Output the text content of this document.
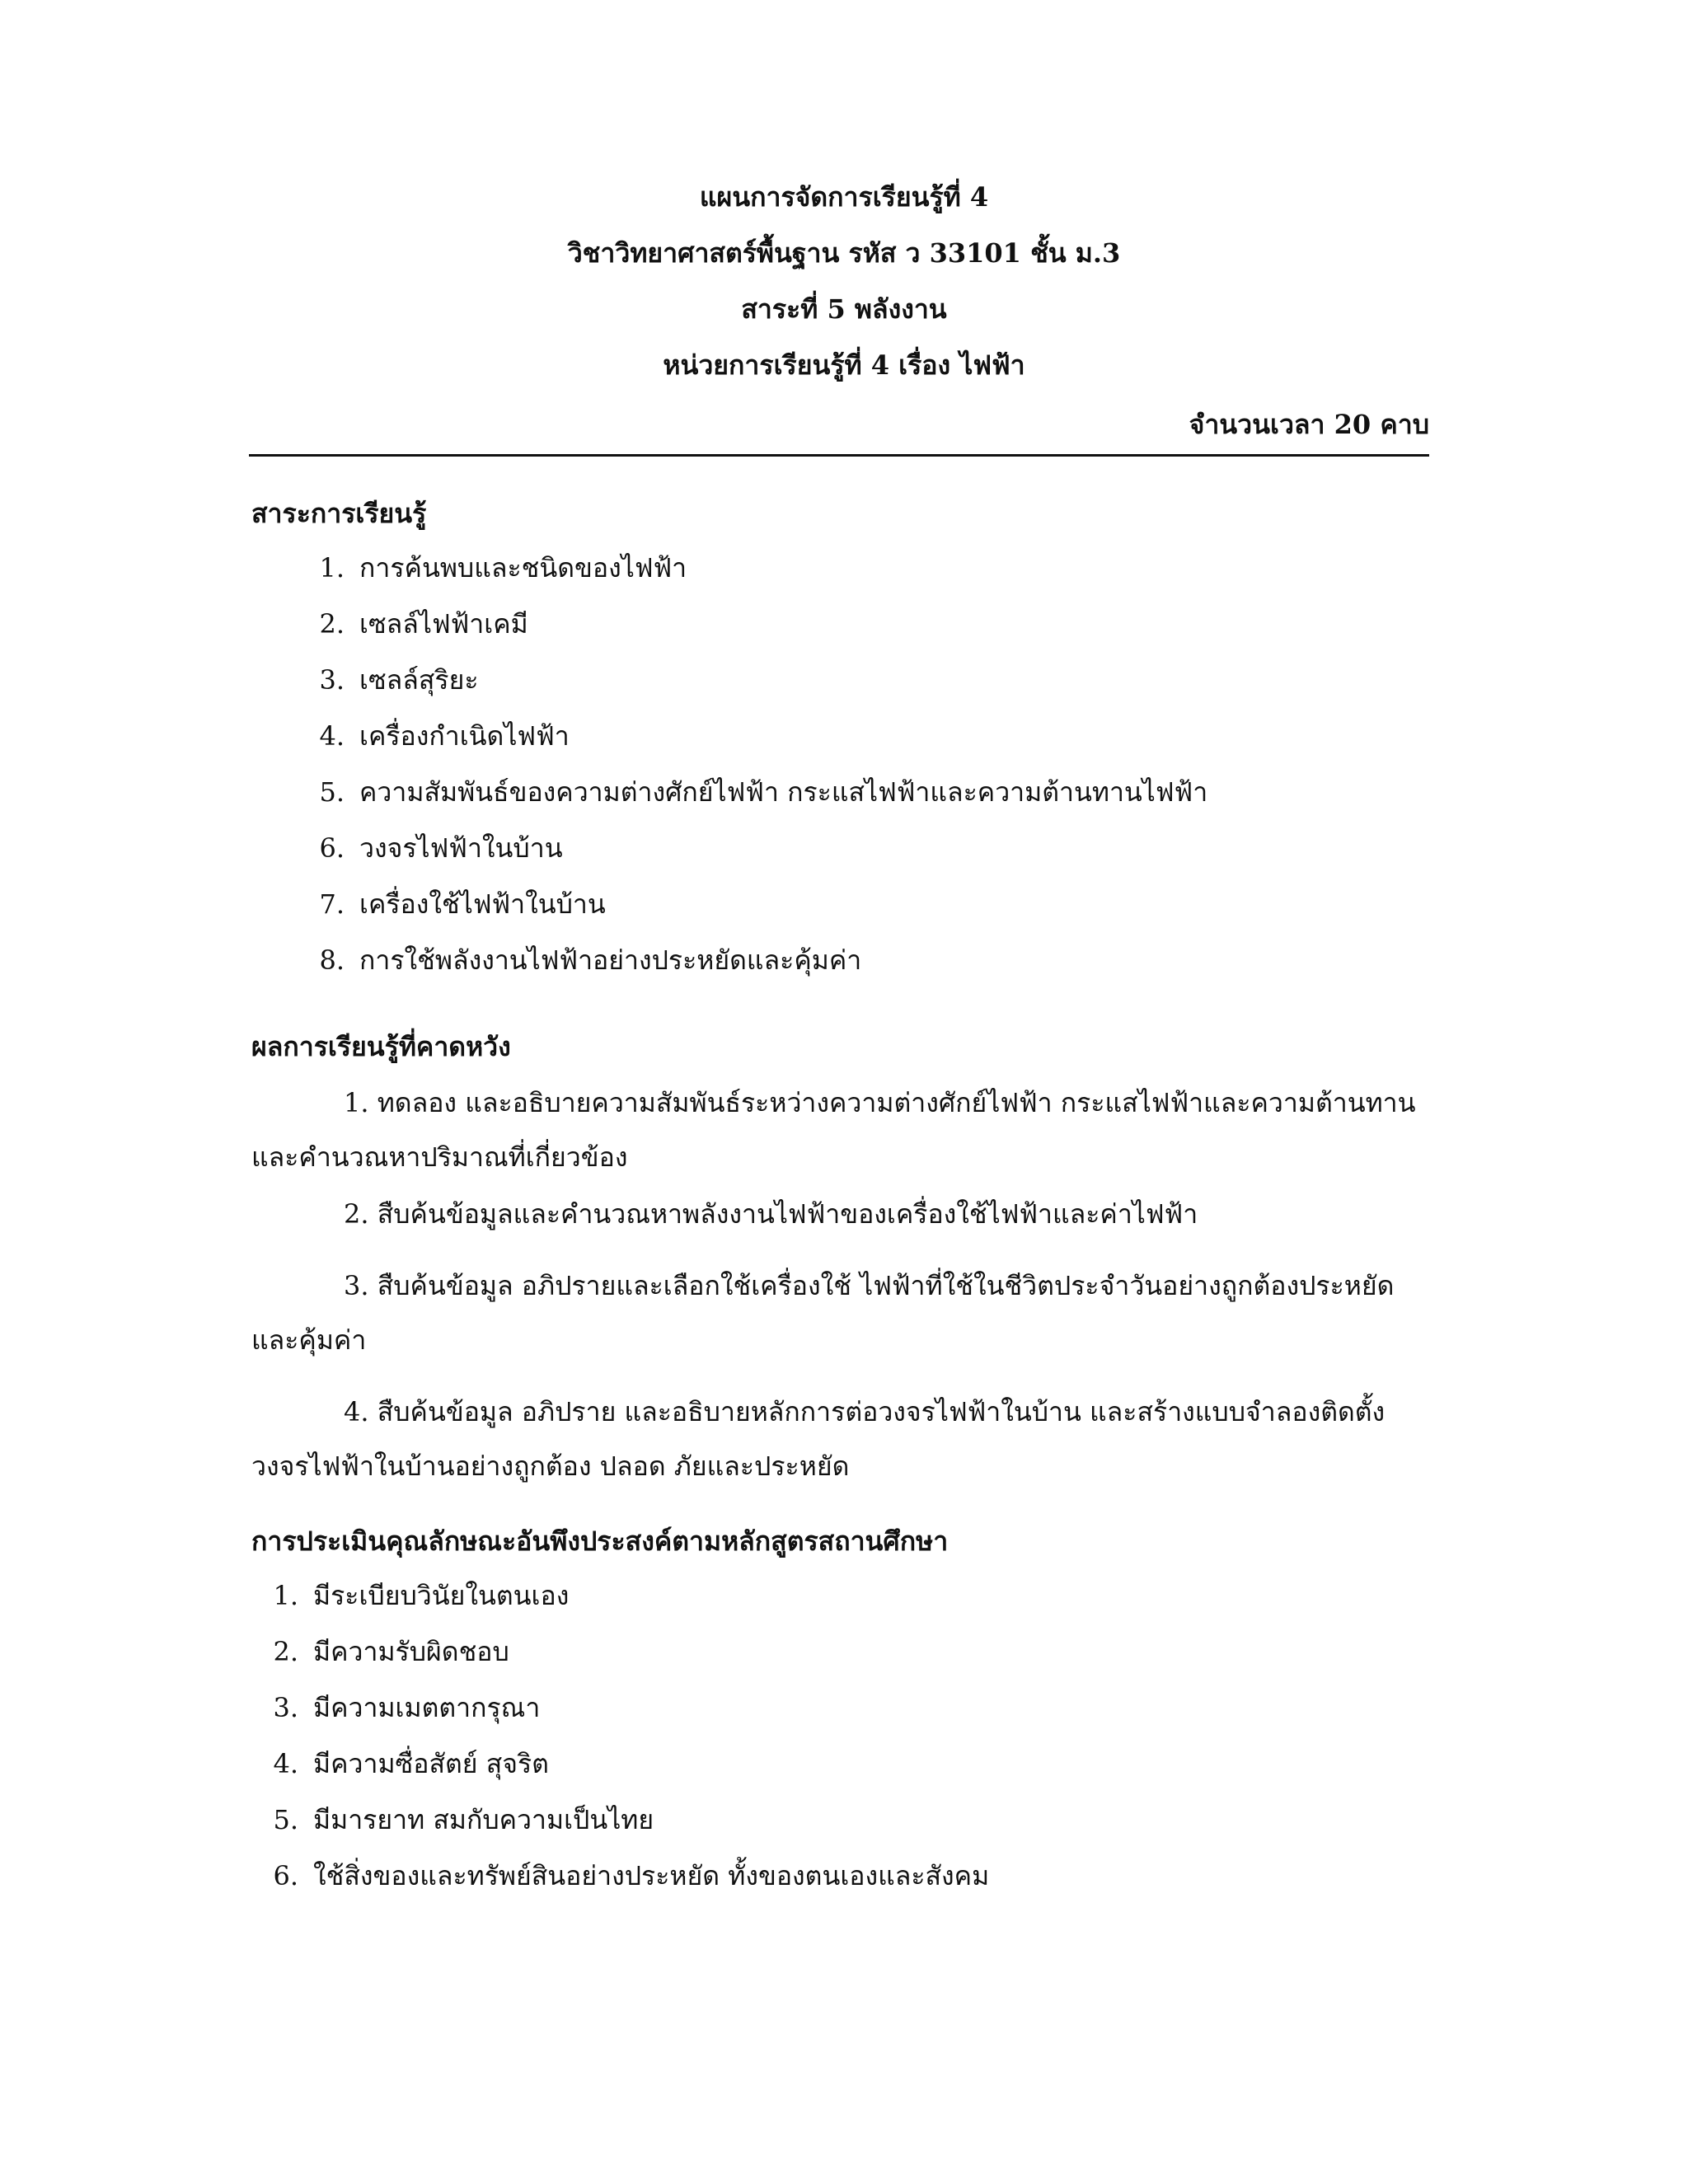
แผนการจัดการเรียนรู้ที่ 4
วิชาวิทยาศาสตร์พื้นฐาน รหัส ว 33101 ชั้น ม.3
สาระที่ 5 พลังงาน
หน่วยการเรียนรู้ที่ 4 เรื่อง ไฟฟ้า
จำนวนเวลา 20 คาบ
สาระการเรียนรู้
1. การค้นพบและชนิดของไฟฟ้า
2. เซลล์ไฟฟ้าเคมี
3. เซลล์สุริยะ
4. เครื่องกำเนิดไฟฟ้า
5. ความสัมพันธ์ของความต่างศักย์ไฟฟ้า กระแสไฟฟ้าและความต้านทานไฟฟ้า
6. วงจรไฟฟ้าในบ้าน
7. เครื่องใช้ไฟฟ้าในบ้าน
8. การใช้พลังงานไฟฟ้าอย่างประหยัดและคุ้มค่า
ผลการเรียนรู้ที่คาดหวัง
1. ทดลอง และอธิบายความสัมพันธ์ระหว่างความต่างศักย์ไฟฟ้า กระแสไฟฟ้าและความต้านทาน
และคำนวณหาปริมาณที่เกี่ยวข้อง
2. สืบค้นข้อมูลและคำนวณหาพลังงานไฟฟ้าของเครื่องใช้ไฟฟ้าและค่าไฟฟ้า
3. สืบค้นข้อมูล อภิปรายและเลือกใช้เครื่องใช้ ไฟฟ้าที่ใช้ในชีวิตประจำวันอย่างถูกต้องประหยัด
และคุ้มค่า
4. สืบค้นข้อมูล อภิปราย และอธิบายหลักการต่อวงจรไฟฟ้าในบ้าน และสร้างแบบจำลองติดตั้ง
วงจรไฟฟ้าในบ้านอย่างถูกต้อง ปลอด ภัยและประหยัด
การประเมินคุณลักษณะอันพึงประสงค์ตามหลักสูตรสถานศึกษา
1. มีระเบียบวินัยในตนเอง
2. มีความรับผิดชอบ
3. มีความเมตตากรุณา
4. มีความซื่อสัตย์ สุจริต
5. มีมารยาท สมกับความเป็นไทย
6. ใช้สิ่งของและทรัพย์สินอย่างประหยัด ทั้งของตนเองและสังคม
